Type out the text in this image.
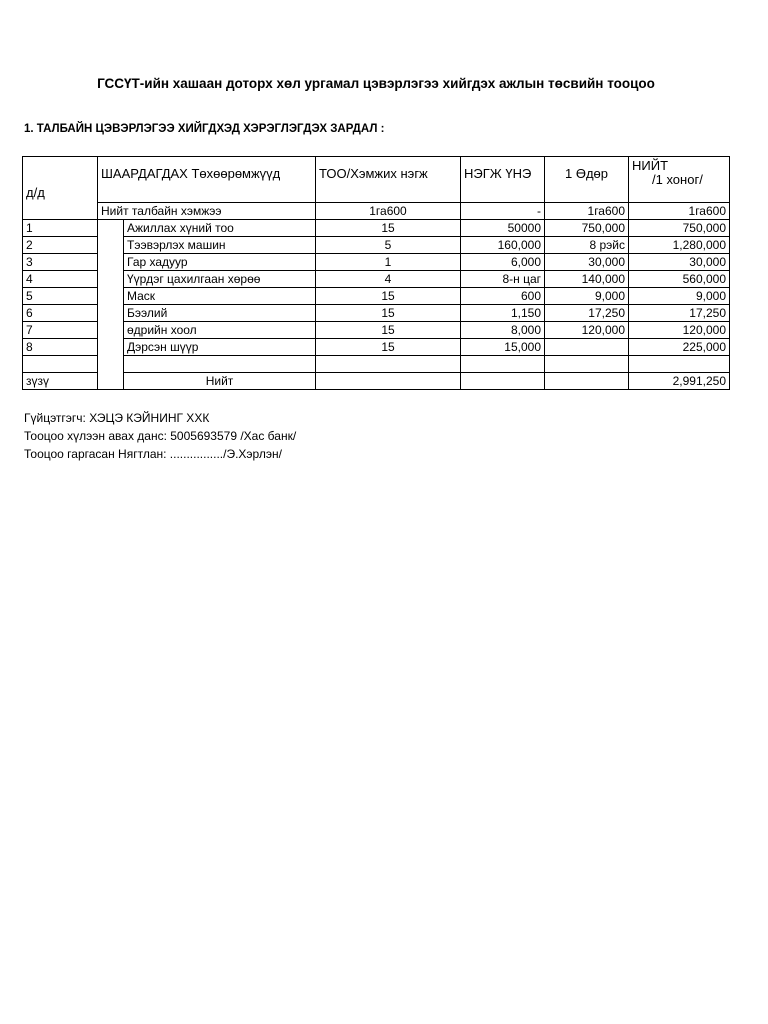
ГССҮТ-ийн хашаан доторх хөл ургамал цэвэрлэгээ хийгдэх ажлын төсвийн тооцоо
1. ТАЛБАЙН ЦЭВЭРЛЭГЭЭ ХИЙГДХЭД ХЭРЭГЛЭГДЭХ ЗАРДАЛ :
д/д	ШААРДАГДАХ Төхөөрөмжүүд		ТОО/Хэмжих нэгж	НЭГЖ ҮНЭ	1 Өдөр	НИЙТ
/1 хоног/

	Нийт талбайн хэмжээ		1га600	-	1га600	1га600
1		Ажиллах хүний тоо	15	50000	750,000	750,000
2		Тээвэрлэх машин	5	160,000	8 рэйс	1,280,000
3		Гар хадуур	1	6,000	30,000	30,000
4		Үүрдэг цахилгаан хөрөө	4	8-н цаг	140,000	560,000
5		Маск	15	600	9,000	9,000
6		Бээлий	15	1,150	17,250	17,250
7		өдрийн хоол	15	8,000	120,000	120,000
8		Дэрсэн шүүр	15	15,000		225,000

зүзү		Нийт				2,991,250
Гүйцэтгэгч: ХЭЦЭ КЭЙНИНГ ХХК
Тооцоо хүлээн авах данс: 5005693579 /Хас банк/
Тооцоо гаргасан Нягтлан: ................/Э.Хэрлэн/
